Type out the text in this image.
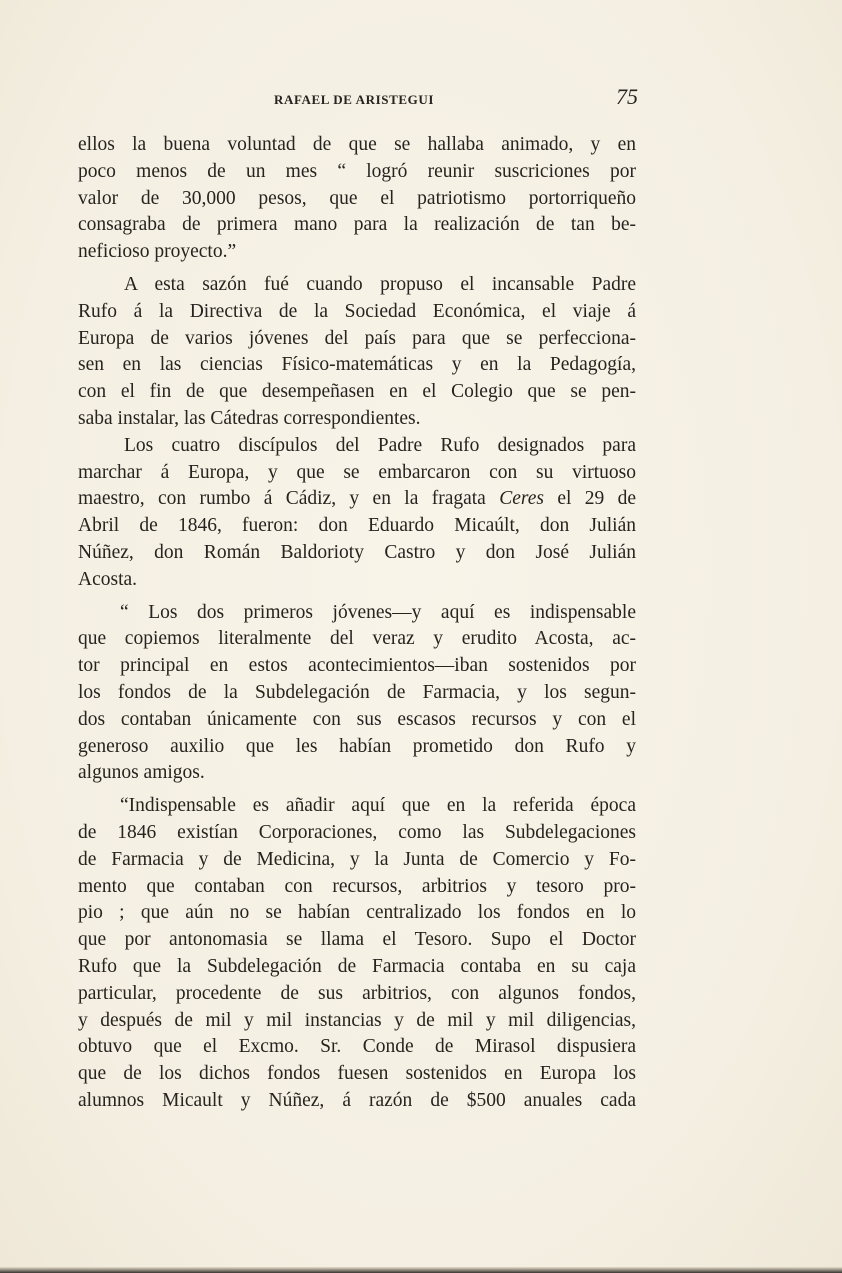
RAFAEL DE ARISTEGUI	75
ellos la buena voluntad de que se hallaba animado, y en
poco menos de un mes “ logró reunir suscriciones por
valor de 30,000 pesos, que el patriotismo portorriqueño
consagraba de primera mano para la realización de tan be-
neficioso proyecto.”
A esta sazón fué cuando propuso el incansable Padre
Rufo á la Directiva de la Sociedad Económica, el viaje á
Europa de varios jóvenes del país para que se perfecciona-
sen en las ciencias Físico-matemáticas y en la Pedagogía,
con el fin de que desempeñasen en el Colegio que se pen-
saba instalar, las Cátedras correspondientes.
Los cuatro discípulos del Padre Rufo designados para
marchar á Europa, y que se embarcaron con su virtuoso
maestro, con rumbo á Cádiz, y en la fragata Ceres el 29 de
Abril de 1846, fueron: don Eduardo Micaúlt, don Julián
Núñez, don Román Baldorioty Castro y don José Julián
Acosta.
“ Los dos primeros jóvenes—y aquí es indispensable
que copiemos literalmente del veraz y erudito Acosta, ac-
tor principal en estos acontecimientos—iban sostenidos por
los fondos de la Subdelegación de Farmacia, y los segun-
dos contaban únicamente con sus escasos recursos y con el
generoso auxilio que les habían prometido don Rufo y
algunos amigos.
“Indispensable es añadir aquí que en la referida época
de 1846 existían Corporaciones, como las Subdelegaciones
de Farmacia y de Medicina, y la Junta de Comercio y Fo-
mento que contaban con recursos, arbitrios y tesoro pro-
pio ; que aún no se habían centralizado los fondos en lo
que por antonomasia se llama el Tesoro. Supo el Doctor
Rufo que la Subdelegación de Farmacia contaba en su caja
particular, procedente de sus arbitrios, con algunos fondos,
y después de mil y mil instancias y de mil y mil diligencias,
obtuvo que el Excmo. Sr. Conde de Mirasol dispusiera
que de los dichos fondos fuesen sostenidos en Europa los
alumnos Micault y Núñez, á razón de $500 anuales cada
